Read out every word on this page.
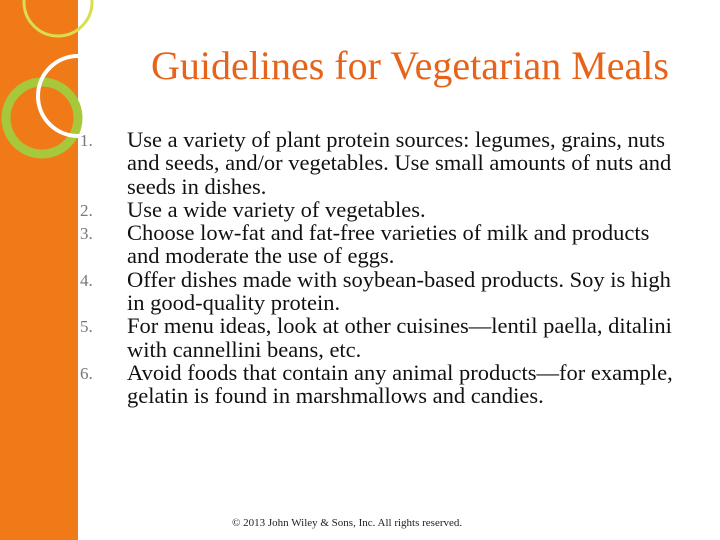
Guidelines for Vegetarian Meals
1.	Use a variety of plant protein sources: legumes, grains, nuts and seeds, and/or vegetables. Use small amounts of nuts and seeds in dishes.
2.	Use a wide variety of vegetables.
3.	Choose low-fat and fat-free varieties of milk and products and moderate the use of eggs.
4.	Offer dishes made with soybean-based products. Soy is high in good-quality protein.
5.	For menu ideas, look at other cuisines—lentil paella, ditalini with cannellini beans, etc.
6.	Avoid foods that contain any animal products—for example, gelatin is found in marshmallows and candies.
© 2013 John Wiley & Sons, Inc. All rights reserved.
